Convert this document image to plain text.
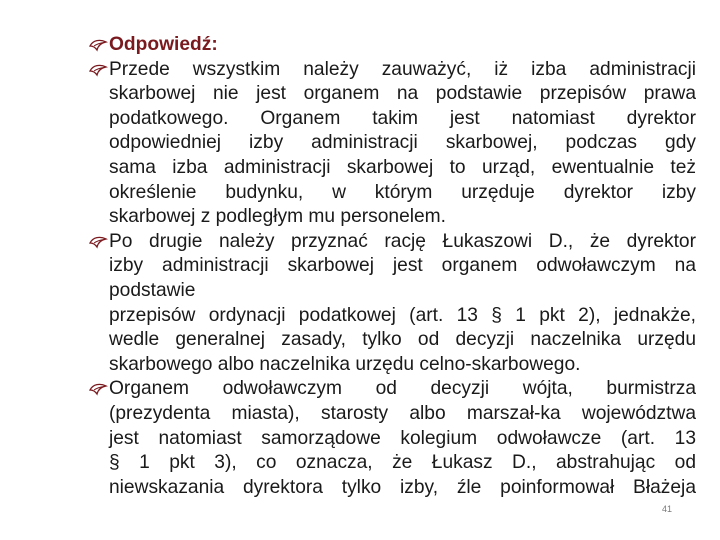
Odpowiedź:
Przede wszystkim należy zauważyć, iż izba administracji
skarbowej nie jest organem na podstawie przepisów prawa
podatkowego. Organem takim jest natomiast dyrektor
odpowiedniej izby administracji skarbowej, podczas gdy
sama izba administracji skarbowej to urząd, ewentualnie też
określenie budynku, w którym urzęduje dyrektor izby
skarbowej z podległym mu personelem.
Po drugie należy przyznać rację Łukaszowi D., że dyrektor
izby administracji skarbowej jest organem odwoławczym na
podstawie
przepisów ordynacji podatkowej (art. 13 § 1 pkt 2), jednakże,
wedle generalnej zasady, tylko od decyzji naczelnika urzędu
skarbowego albo naczelnika urzędu celno-skarbowego.
Organem odwoławczym od decyzji wójta, burmistrza
(prezydenta miasta), starosty albo marszał-ka województwa
jest natomiast samorządowe kolegium odwoławcze (art. 13
§ 1 pkt 3), co oznacza, że Łukasz D., abstrahując od
niewskazania dyrektora tylko izby, źle poinformował Błażeja
41
